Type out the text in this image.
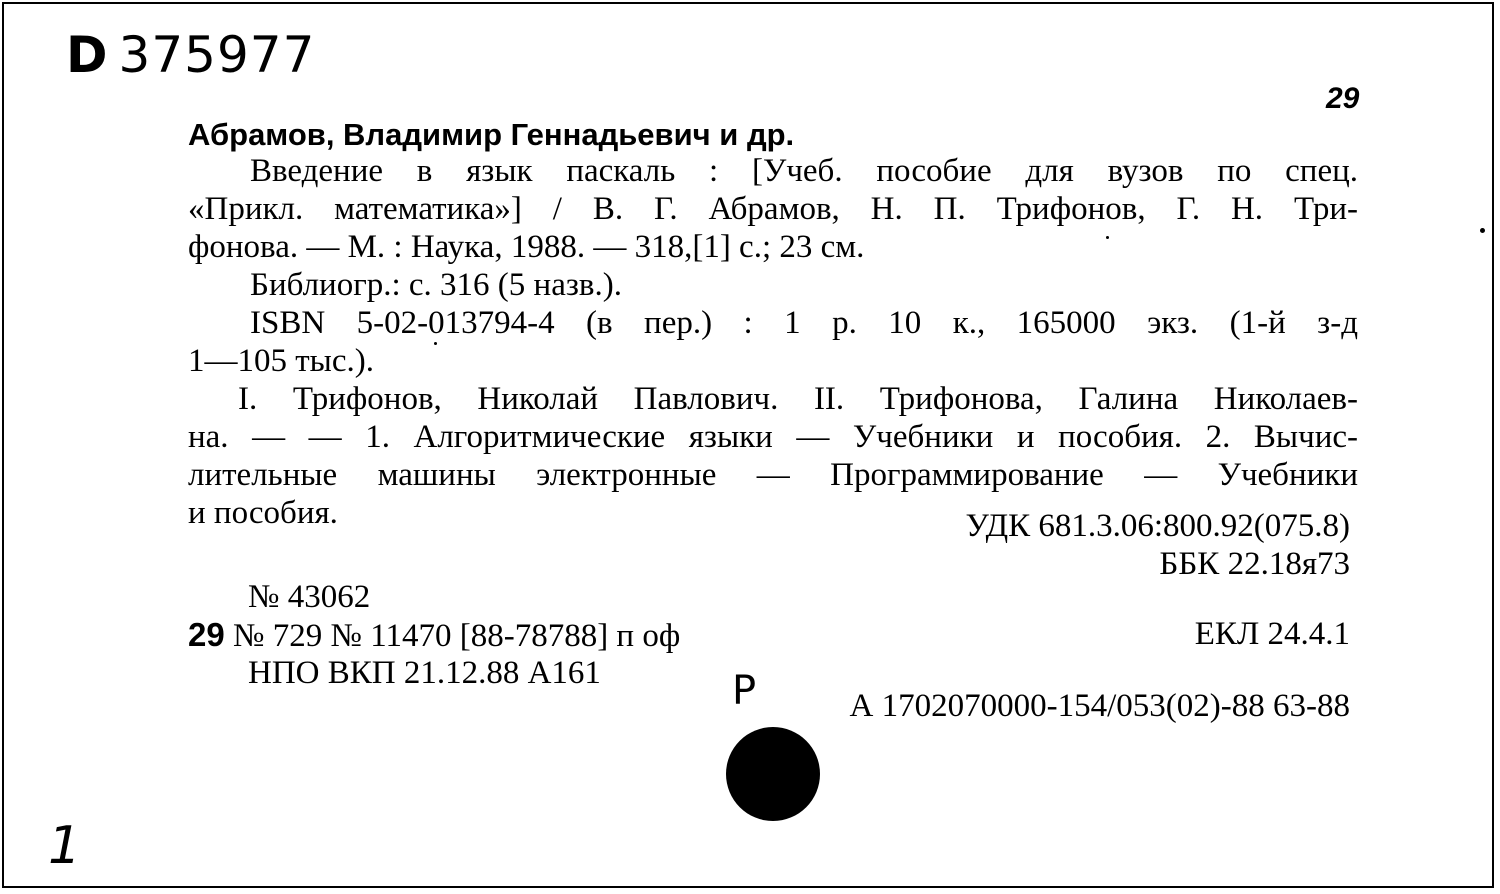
D 375977
29
Абрамов, Владимир Геннадьевич и др.
Введение в язык паскаль : [Учеб. пособие для вузов по спец.
«Прикл. математика»] / В. Г. Абрамов, Н. П. Трифонов, Г. Н. Три-
фонова. — М. : Наука, 1988. — 318,[1] с.; 23 см.
Библиогр.: с. 316 (5 назв.).
ISBN 5-02-013794-4 (в пер.) : 1 р. 10 к., 165000 экз. (1-й з-д
1—105 тыс.).
I. Трифонов, Николай Павлович. II. Трифонова, Галина Николаев-
на. — — 1. Алгоритмические языки — Учебники и пособия. 2. Вычис-
лительные машины электронные — Программирование — Учебники
и пособия.	УДК 681.3.06:800.92(075.8)
ББК 22.18я73
№ 43062
29 № 729 № 11470 [88-78788] п оф	ЕКЛ 24.4.1
НПО ВКП 21.12.88 А161	Р	А 1702070000-154/053(02)-88 63-88
1
